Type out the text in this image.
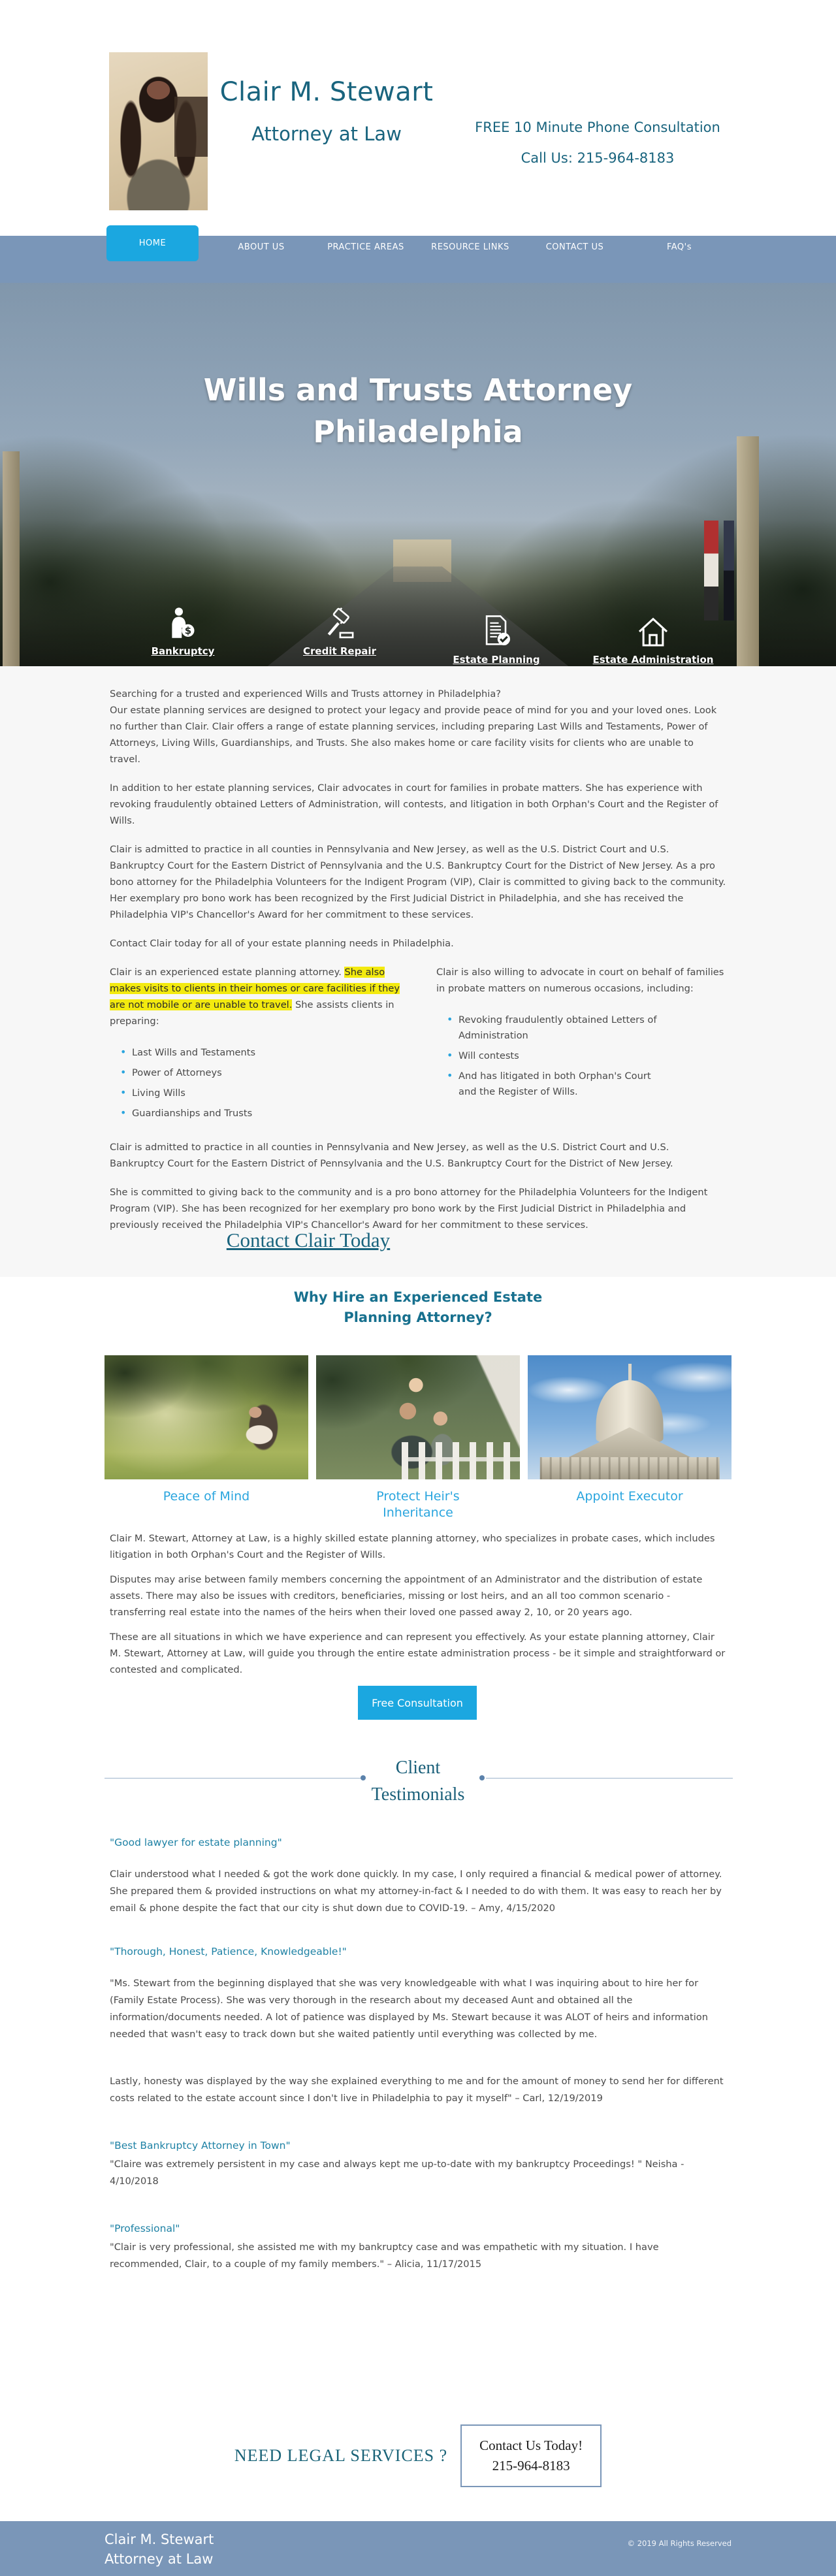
Clair M. Stewart
Attorney at Law	FREE 10 Minute Phone Consultation
Call Us: 215-964-8183
ABOUT US	PRACTICE AREAS	RESOURCE LINKS	CONTACT US	FAQ's
HOME
Wills and Trusts Attorney
Philadelphia
$
Bankruptcy	Credit Repair
Estate Planning	Estate Administration

Searching for a trusted and experienced Wills and Trusts attorney in Philadelphia?
Our estate planning services are designed to protect your legacy and provide peace of mind for you and your loved ones. Look no further than Clair. Clair offers a range of estate planning services, including preparing Last Wills and Testaments, Power of Attorneys, Living Wills, Guardianships, and Trusts. She also makes home or care facility visits for clients who are unable to travel.

In addition to her estate planning services, Clair advocates in court for families in probate matters. She has experience with revoking fraudulently obtained Letters of Administration, will contests, and litigation in both Orphan's Court and the Register of Wills.

Clair is admitted to practice in all counties in Pennsylvania and New Jersey, as well as the U.S. District Court and U.S. Bankruptcy Court for the Eastern District of Pennsylvania and the U.S. Bankruptcy Court for the District of New Jersey. As a pro bono attorney for the Philadelphia Volunteers for the Indigent Program (VIP), Clair is committed to giving back to the community. Her exemplary pro bono work has been recognized by the First Judicial District in Philadelphia, and she has received the Philadelphia VIP's Chancellor's Award for her commitment to these services.

Contact Clair today for all of your estate planning needs in Philadelphia.

Clair is an experienced estate planning attorney. She also makes visits to clients in their homes or care facilities if they are not mobile or are unable to travel. She assists clients in preparing:
• Last Wills and Testaments
• Power of Attorneys
• Living Wills
• Guardianships and Trusts
Clair is also willing to advocate in court on behalf of families in probate matters on numerous occasions, including:
• Revoking fraudulently obtained Letters of Administration
• Will contests
• And has litigated in both Orphan's Court and the Register of Wills.

Clair is admitted to practice in all counties in Pennsylvania and New Jersey, as well as the U.S. District Court and U.S. Bankruptcy Court for the Eastern District of Pennsylvania and the U.S. Bankruptcy Court for the District of New Jersey.

She is committed to giving back to the community and is a pro bono attorney for the Philadelphia Volunteers for the Indigent Program (VIP). She has been recognized for her exemplary pro bono work by the First Judicial District in Philadelphia and previously received the Philadelphia VIP's Chancellor's Award for her commitment to these services.

Contact Clair Today
Why Hire an Experienced Estate
Planning Attorney?
Peace of Mind	Protect Heir's Inheritance
Appoint Executor

Clair M. Stewart, Attorney at Law, is a highly skilled estate planning attorney, who specializes in probate cases, which includes litigation in both Orphan's Court and the Register of Wills.

Disputes may arise between family members concerning the appointment of an Administrator and the distribution of estate assets. There may also be issues with creditors, beneficiaries, missing or lost heirs, and an all too common scenario - transferring real estate into the names of the heirs when their loved one passed away 2, 10, or 20 years ago.

These are all situations in which we have experience and can represent you effectively. As your estate planning attorney, Clair M. Stewart, Attorney at Law, will guide you through the entire estate administration process - be it simple and straightforward or contested and complicated.

Free Consultation
Client
Testimonials
"Good lawyer for estate planning"

Clair understood what I needed & got the work done quickly. In my case, I only required a financial & medical power of attorney. She prepared them & provided instructions on what my attorney-in-fact & I needed to do with them. It was easy to reach her by email & phone despite the fact that our city is shut down due to COVID-19. – Amy, 4/15/2020

"Thorough, Honest, Patience, Knowledgeable!"

"Ms. Stewart from the beginning displayed that she was very knowledgeable with what I was inquiring about to hire her for (Family Estate Process). She was very thorough in the research about my deceased Aunt and obtained all the information/documents needed. A lot of patience was displayed by Ms. Stewart because it was ALOT of heirs and information needed that wasn't easy to track down but she waited patiently until everything was collected by me.

Lastly, honesty was displayed by the way she explained everything to me and for the amount of money to send her for different costs related to the estate account since I don't live in Philadelphia to pay it myself" – Carl, 12/19/2019

"Best Bankruptcy Attorney in Town"

"Claire was extremely persistent in my case and always kept me up-to-date with my bankruptcy Proceedings! " Neisha - 4/10/2018

"Professional"

"Clair is very professional, she assisted me with my bankruptcy case and was empathetic with my situation. I have recommended, Clair, to a couple of my family members." – Alicia, 11/17/2015

NEED LEGAL SERVICES ?
Contact Us Today!
215-964-8183
Clair M. Stewart
Attorney at Law
© 2019 All Rights Reserved
